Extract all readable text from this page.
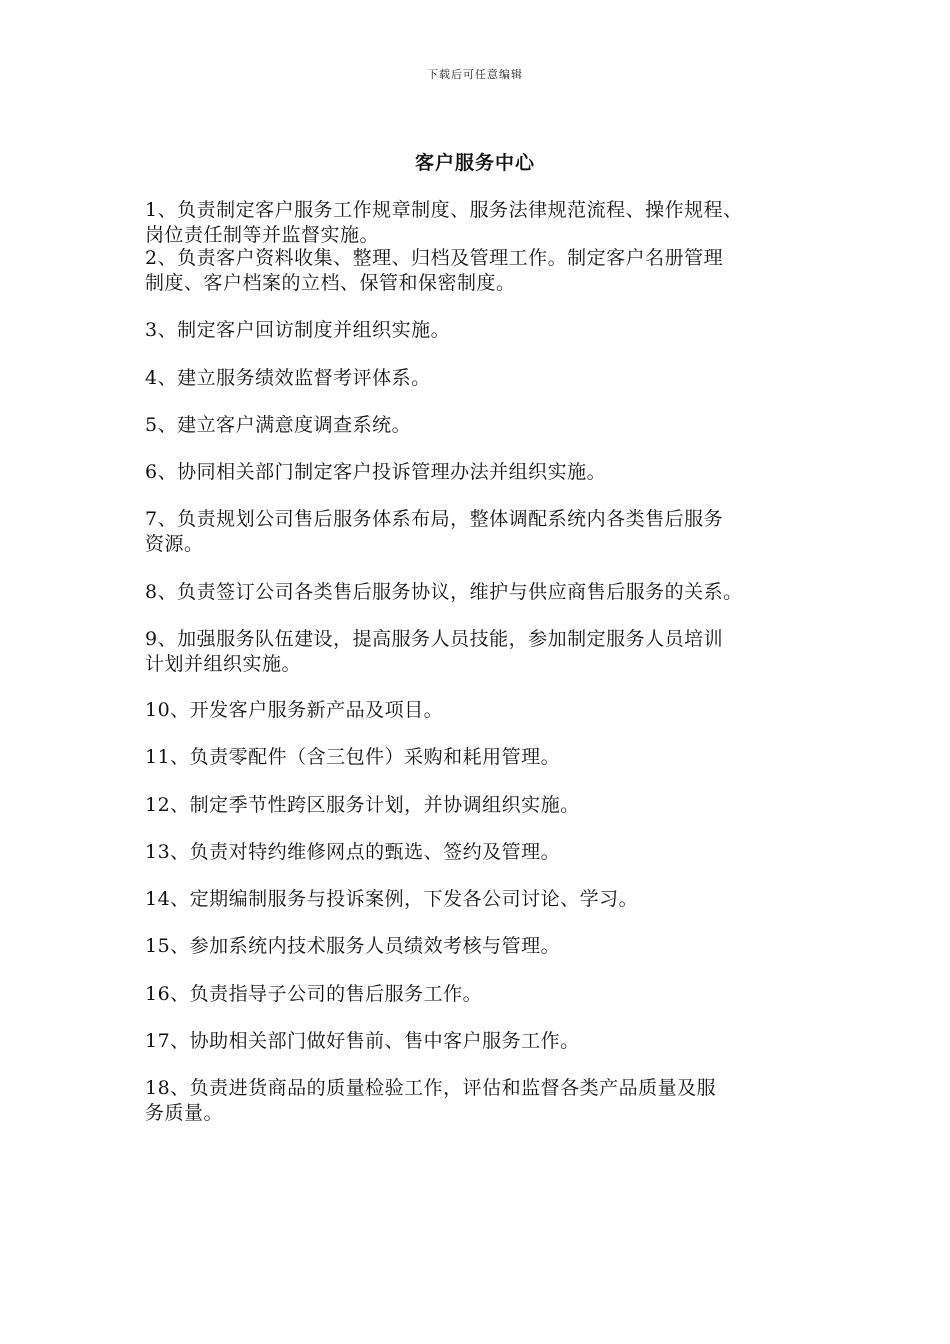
下载后可任意编辑
客户服务中心
1、负责制定客户服务工作规章制度、服务法律规范流程、操作规程、
岗位责任制等并监督实施。
2、负责客户资料收集、整理、归档及管理工作。制定客户名册管理
制度、客户档案的立档、保管和保密制度。
3、制定客户回访制度并组织实施。
4、建立服务绩效监督考评体系。
5、建立客户满意度调查系统。
6、协同相关部门制定客户投诉管理办法并组织实施。
7、负责规划公司售后服务体系布局，整体调配系统内各类售后服务
资源。
8、负责签订公司各类售后服务协议，维护与供应商售后服务的关系。
9、加强服务队伍建设，提高服务人员技能，参加制定服务人员培训
计划并组织实施。
10、开发客户服务新产品及项目。
11、负责零配件（含三包件）采购和耗用管理。
12、制定季节性跨区服务计划，并协调组织实施。
13、负责对特约维修网点的甄选、签约及管理。
14、定期编制服务与投诉案例，下发各公司讨论、学习。
15、参加系统内技术服务人员绩效考核与管理。
16、负责指导子公司的售后服务工作。
17、协助相关部门做好售前、售中客户服务工作。
18、负责进货商品的质量检验工作，评估和监督各类产品质量及服
务质量。
